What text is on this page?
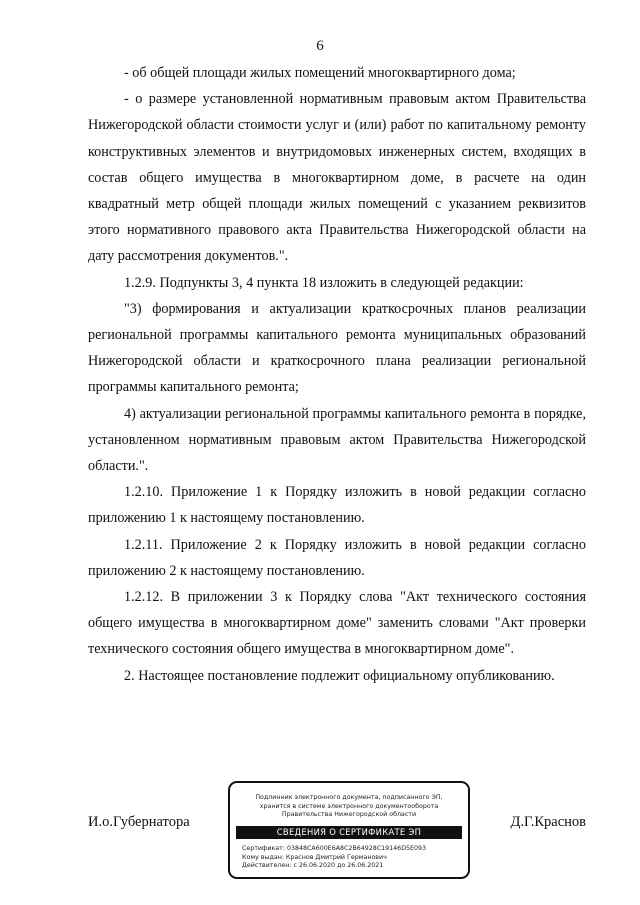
6

- об общей площади жилых помещений многоквартирного дома;

- о размере установленной нормативным правовым актом Правительства Нижегородской области стоимости услуг и (или) работ по капитальному ремонту конструктивных элементов и внутридомовых инженерных систем, входящих в состав общего имущества в многоквартирном доме, в расчете на один квадратный метр общей площади жилых помещений с указанием реквизитов этого нормативного правового акта Правительства Нижегородской области на дату рассмотрения документов.".

1.2.9. Подпункты 3, 4 пункта 18 изложить в следующей редакции:

"3) формирования и актуализации краткосрочных планов реализации региональной программы капитального ремонта муниципальных образований Нижегородской области и краткосрочного плана реализации региональной программы капитального ремонта;

4) актуализации региональной программы капитального ремонта в порядке, установленном нормативным правовым актом Правительства Нижегородской области.".

1.2.10. Приложение 1 к Порядку изложить в новой редакции согласно приложению 1 к настоящему постановлению.

1.2.11. Приложение 2 к Порядку изложить в новой редакции согласно приложению 2 к настоящему постановлению.

1.2.12. В приложении 3 к Порядку слова "Акт технического состояния общего имущества в многоквартирном доме" заменить словами "Акт проверки технического состояния общего имущества в многоквартирном доме".

2. Настоящее постановление подлежит официальному опубликованию.

И.о.Губернатора	Д.Г.Краснов
Подлинник электронного документа, подписанного ЭП,
хранится в системе электронного документооборота
Правительства Нижегородской области
СВЕДЕНИЯ О СЕРТИФИКАТЕ ЭП
Сертификат: 03848CA600E6A8C2B64928C19146D5E093
Кому выдан: Краснов Дмитрий Германович
Действителен: с 26.06.2020 до 26.06.2021
